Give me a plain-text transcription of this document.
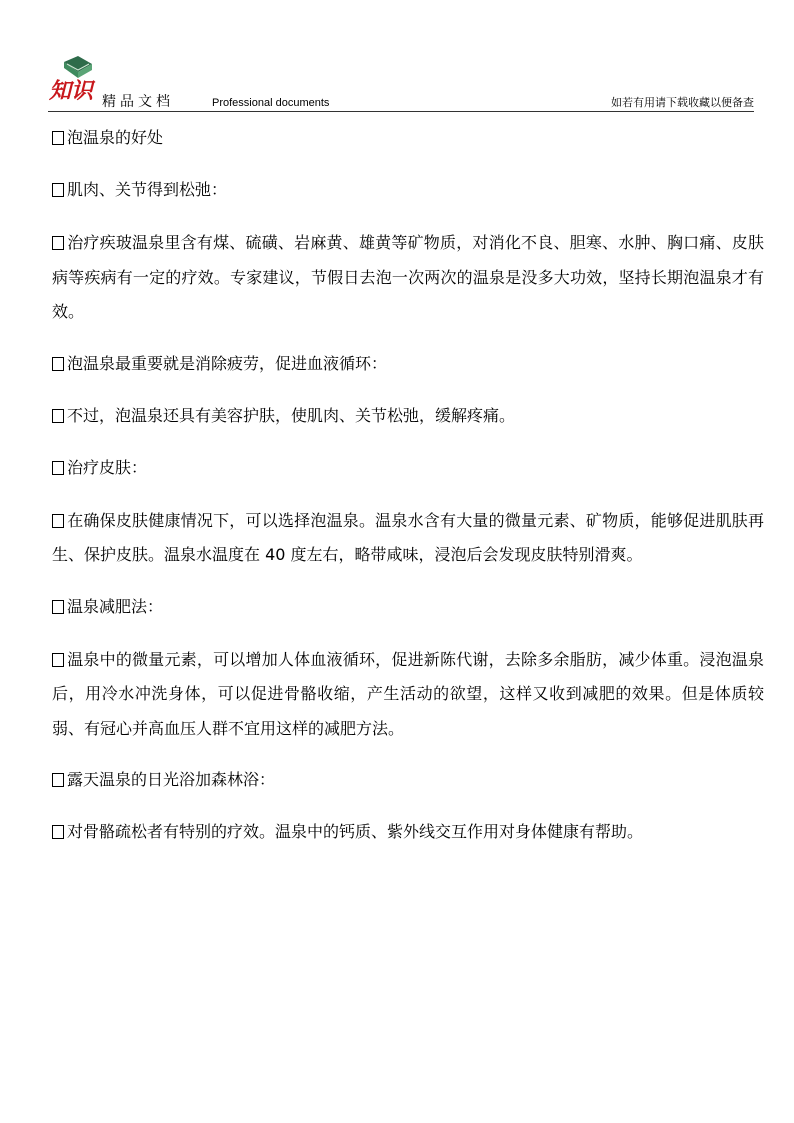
知识 精品文档	Professional documents	如若有用请下载收藏以便备查

泡温泉的好处

肌肉、关节得到松弛：

治疗疾玻温泉里含有煤、硫磺、岩麻黄、雄黄等矿物质，对消化不良、胆寒、水肿、胸口痛、皮肤病等疾病有一定的疗效。专家建议，节假日去泡一次两次的温泉是没多大功效，坚持长期泡温泉才有效。

泡温泉最重要就是消除疲劳，促进血液循环：

不过，泡温泉还具有美容护肤，使肌肉、关节松弛，缓解疼痛。

治疗皮肤：

在确保皮肤健康情况下，可以选择泡温泉。温泉水含有大量的微量元素、矿物质，能够促进肌肤再生、保护皮肤。温泉水温度在 40 度左右，略带咸味，浸泡后会发现皮肤特别滑爽。

温泉减肥法：

温泉中的微量元素，可以增加人体血液循环，促进新陈代谢，去除多余脂肪，减少体重。浸泡温泉后，用冷水冲洗身体，可以促进骨骼收缩，产生活动的欲望，这样又收到减肥的效果。但是体质较弱、有冠心并高血压人群不宜用这样的减肥方法。

露天温泉的日光浴加森林浴：

对骨骼疏松者有特别的疗效。温泉中的钙质、紫外线交互作用对身体健康有帮助。
